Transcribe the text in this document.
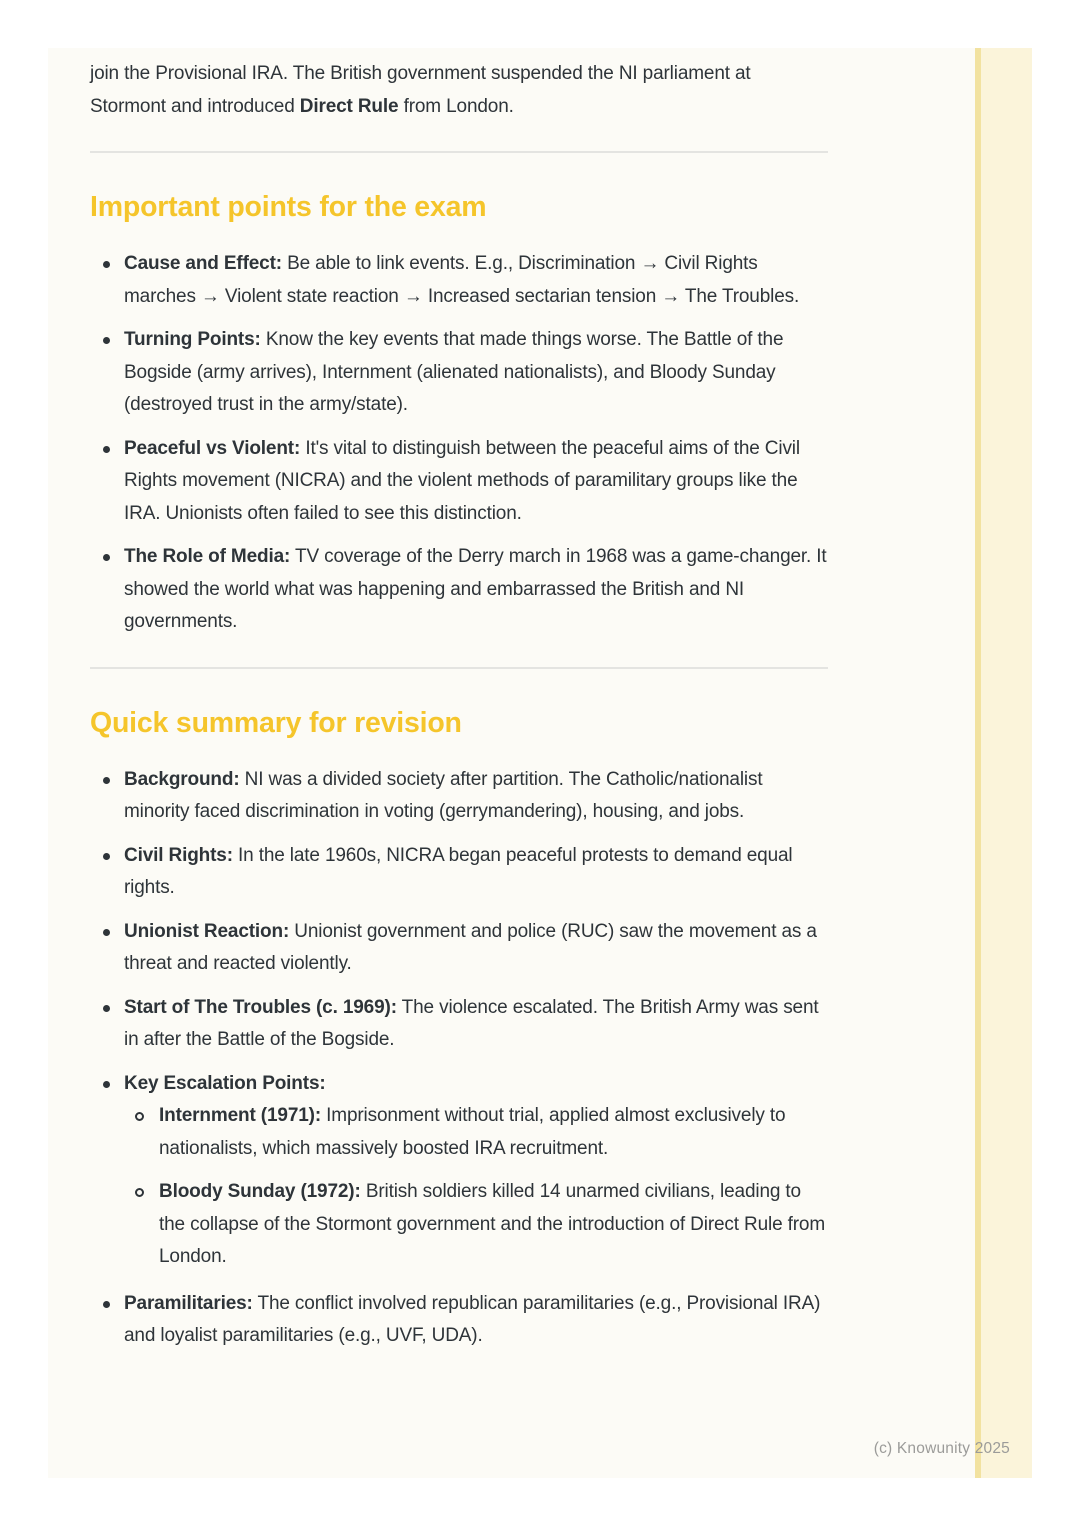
join the Provisional IRA. The British government suspended the NI parliament at Stormont and introduced Direct Rule from London.

Important points for the exam
Cause and Effect: Be able to link events. E.g., Discrimination → Civil Rights marches → Violent state reaction → Increased sectarian tension → The Troubles.
Turning Points: Know the key events that made things worse. The Battle of the Bogside (army arrives), Internment (alienated nationalists), and Bloody Sunday (destroyed trust in the army/state).
Peaceful vs Violent: It's vital to distinguish between the peaceful aims of the Civil Rights movement (NICRA) and the violent methods of paramilitary groups like the IRA. Unionists often failed to see this distinction.
The Role of Media: TV coverage of the Derry march in 1968 was a game-changer. It showed the world what was happening and embarrassed the British and NI governments.
Quick summary for revision
Background: NI was a divided society after partition. The Catholic/nationalist minority faced discrimination in voting (gerrymandering), housing, and jobs.
Civil Rights: In the late 1960s, NICRA began peaceful protests to demand equal rights.
Unionist Reaction: Unionist government and police (RUC) saw the movement as a threat and reacted violently.
Start of The Troubles (c. 1969): The violence escalated. The British Army was sent in after the Battle of the Bogside.
Key Escalation Points:
Internment (1971): Imprisonment without trial, applied almost exclusively to nationalists, which massively boosted IRA recruitment.
Bloody Sunday (1972): British soldiers killed 14 unarmed civilians, leading to the collapse of the Stormont government and the introduction of Direct Rule from London.
Paramilitaries: The conflict involved republican paramilitaries (e.g., Provisional IRA) and loyalist paramilitaries (e.g., UVF, UDA).
(c) Knowunity 2025
